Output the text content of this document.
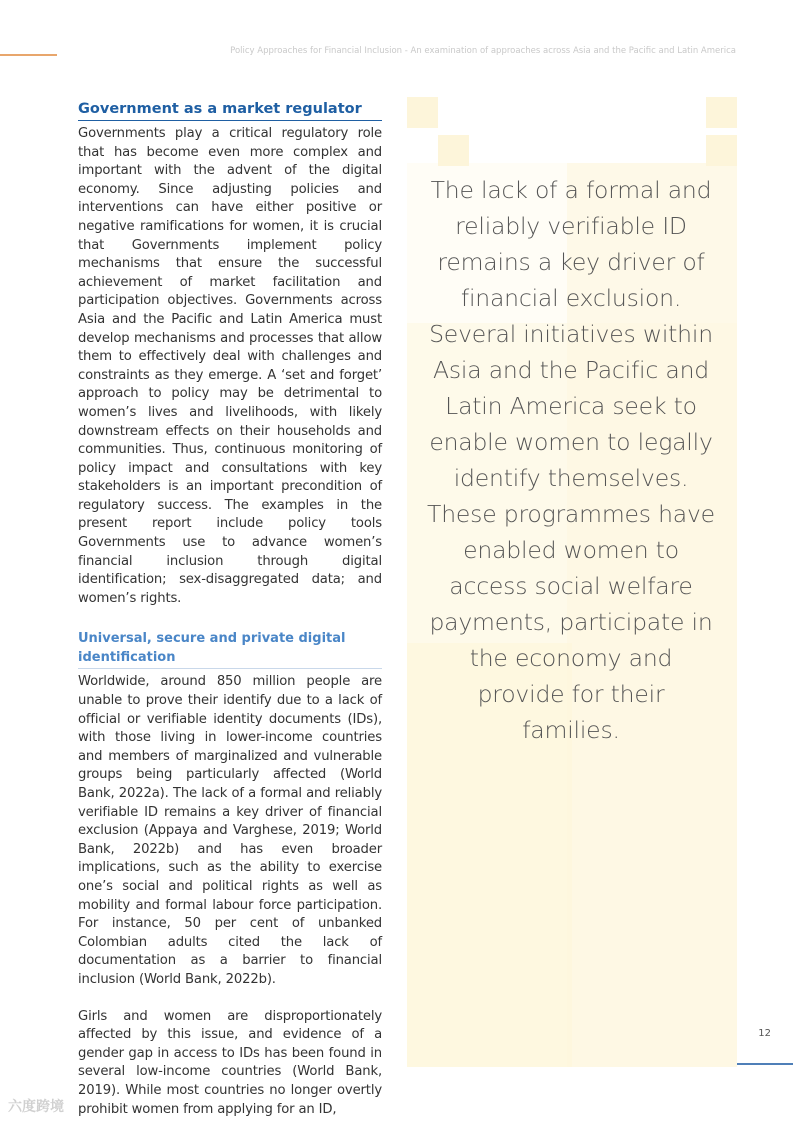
Policy Approaches for Financial Inclusion - An examination of approaches across Asia and the Pacific and Latin America
Government as a market regulator

Governments play a critical regulatory role that has become even more complex and important with the advent of the digital economy. Since adjusting policies and interventions can have either positive or negative ramifications for women, it is crucial that Governments implement policy mechanisms that ensure the successful achievement of market facilitation and participation objectives. Governments across Asia and the Pacific and Latin America must develop mechanisms and processes that allow them to effectively deal with challenges and constraints as they emerge. A ‘set and forget’ approach to policy may be detrimental to women’s lives and livelihoods, with likely downstream effects on their households and communities. Thus, continuous monitoring of policy impact and consultations with key stakeholders is an important precondition of regulatory success. The examples in the present report include policy tools Governments use to advance women’s financial inclusion through digital identification; sex-disaggregated data; and women’s rights.

Universal, secure and private digital identification

Worldwide, around 850 million people are unable to prove their identify due to a lack of official or verifiable identity documents (IDs), with those living in lower-income countries and members of marginalized and vulnerable groups being particularly affected (World Bank, 2022a). The lack of a formal and reliably verifiable ID remains a key driver of financial exclusion (Appaya and Varghese, 2019; World Bank, 2022b) and has even broader implications, such as the ability to exercise one’s social and political rights as well as mobility and formal labour force participation. For instance, 50 per cent of unbanked Colombian adults cited the lack of documentation as a barrier to financial inclusion (World Bank, 2022b).

Girls and women are disproportionately affected by this issue, and evidence of a gender gap in access to IDs has been found in several low-income countries (World Bank, 2019). While most countries no longer overtly prohibit women from applying for an ID,

The lack of a formal and reliably verifiable ID remains a key driver of financial exclusion. Several initiatives within Asia and the Pacific and Latin America seek to enable women to legally identify themselves. These programmes have enabled women to access social welfare payments, participate in the economy and provide for their families.
12
六度跨境
